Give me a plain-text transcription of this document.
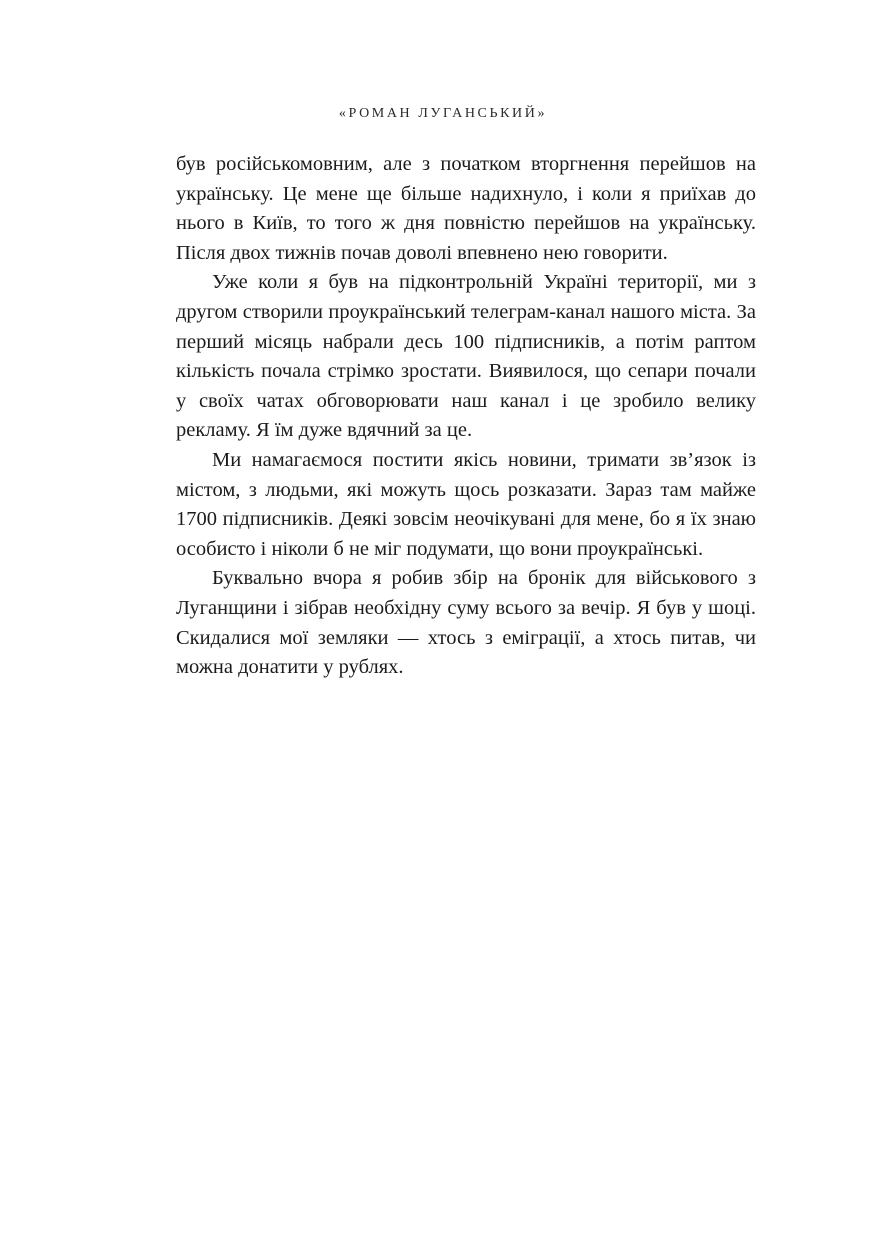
«РОМАН ЛУГАНСЬКИЙ»

був російськомовним, але з початком вторгнення перейшов на українську. Це мене ще більше надихнуло, і коли я приїхав до нього в Київ, то того ж дня повністю перейшов на українську. Після двох тижнів почав доволі впевнено нею говорити.

Уже коли я був на підконтрольній Україні території, ми з другом створили проукраїнський телеграм-канал нашого міста. За перший місяць набрали десь 100 підписників, а потім раптом кількість почала стрімко зростати. Виявилося, що сепари почали у своїх чатах обговорювати наш канал і це зробило велику рекламу. Я їм дуже вдячний за це.

Ми намагаємося постити якісь новини, тримати зв’язок із містом, з людьми, які можуть щось розказати. Зараз там майже 1700 підписників. Деякі зовсім неочікувані для мене, бо я їх знаю особисто і ніколи б не міг подумати, що вони проукраїнські.

Буквально вчора я робив збір на бронік для військового з Луганщини і зібрав необхідну суму всього за вечір. Я був у шоці. Скидалися мої земляки — хтось з еміграції, а хтось питав, чи можна донатити у рублях.
